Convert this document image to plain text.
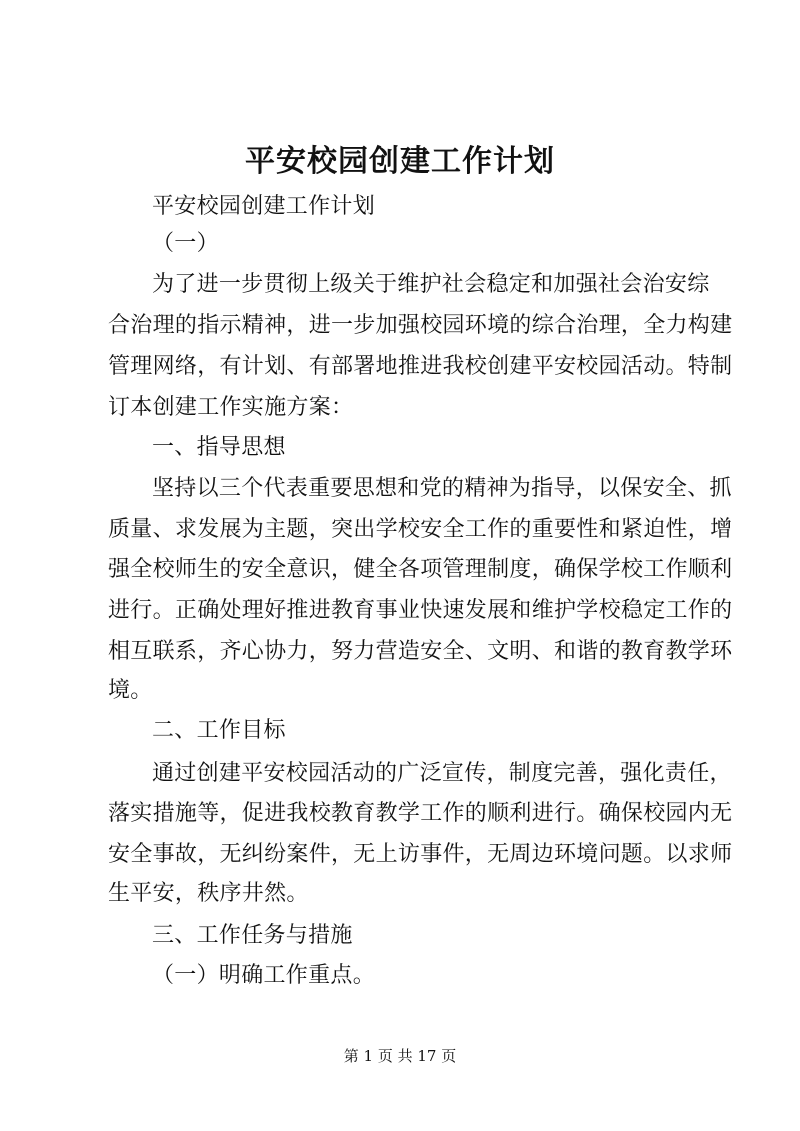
平安校园创建工作计划
平安校园创建工作计划
（一）
为了进一步贯彻上级关于维护社会稳定和加强社会治安综
合治理的指示精神，进一步加强校园环境的综合治理，全力构建
管理网络，有计划、有部署地推进我校创建平安校园活动。特制
订本创建工作实施方案：
一、指导思想
坚持以三个代表重要思想和党的精神为指导，以保安全、抓
质量、求发展为主题，突出学校安全工作的重要性和紧迫性，增
强全校师生的安全意识，健全各项管理制度，确保学校工作顺利
进行。正确处理好推进教育事业快速发展和维护学校稳定工作的
相互联系，齐心协力，努力营造安全、文明、和谐的教育教学环
境。
二、工作目标
通过创建平安校园活动的广泛宣传，制度完善，强化责任，
落实措施等，促进我校教育教学工作的顺利进行。确保校园内无
安全事故，无纠纷案件，无上访事件，无周边环境问题。以求师
生平安，秩序井然。
三、工作任务与措施
（一）明确工作重点。
第 1 页 共 17 页
